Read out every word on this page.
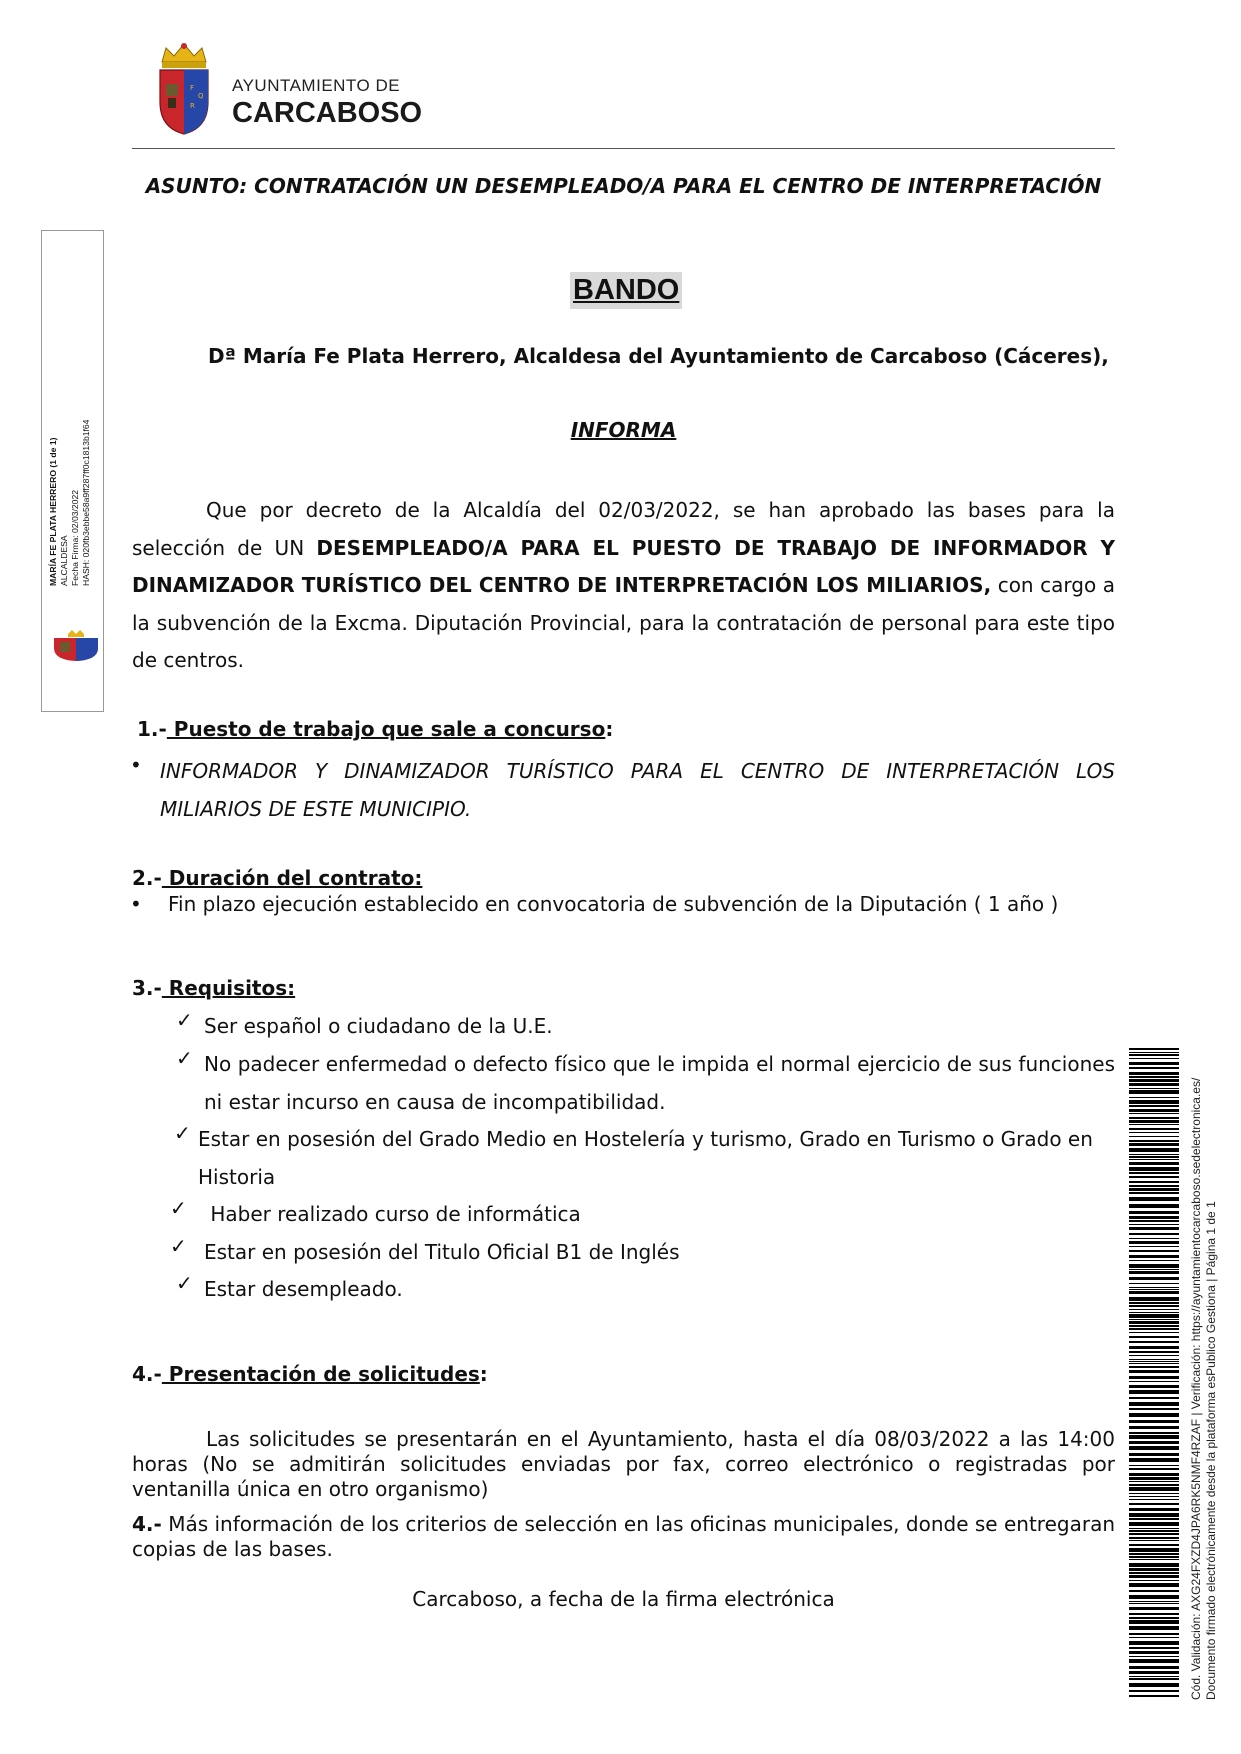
F
Q
R
AYUNTAMIENTO DE
CARCABOSO
ASUNTO: CONTRATACIÓN UN DESEMPLEADO/A PARA EL CENTRO DE INTERPRETACIÓN
BANDO
Dª María Fe Plata Herrero, Alcaldesa del Ayuntamiento de Carcaboso (Cáceres),
INFORMA
Que por decreto de la Alcaldía del 02/03/2022, se han aprobado las bases para la selección de UN DESEMPLEADO/A PARA EL PUESTO DE TRABAJO DE INFORMADOR Y DINAMIZADOR TURÍSTICO DEL CENTRO DE INTERPRETACIÓN LOS MILIARIOS, con cargo a la subvención de la Excma. Diputación Provincial, para la contratación de personal para este tipo de centros.
1.- Puesto de trabajo que sale a concurso:
• INFORMADOR Y DINAMIZADOR TURÍSTICO PARA EL CENTRO DE INTERPRETACIÓN LOS MILIARIOS DE ESTE MUNICIPIO.
2.- Duración del contrato:
• Fin plazo ejecución establecido en convocatoria de subvención de la Diputación ( 1 año )
3.- Requisitos:
✓ Ser español o ciudadano de la U.E.
✓ No padecer enfermedad o defecto físico que le impida el normal ejercicio de sus funciones ni estar incurso en causa de incompatibilidad.
✓ Estar en posesión del Grado Medio en Hostelería y turismo, Grado en Turismo o Grado en Historia
✓ Haber realizado curso de informática
✓ Estar en posesión del Titulo Oficial B1 de Inglés
✓ Estar desempleado.
4.- Presentación de solicitudes:
Las solicitudes se presentarán en el Ayuntamiento, hasta el día 08/03/2022 a las 14:00 horas (No se admitirán solicitudes enviadas por fax, correo electrónico o registradas por ventanilla única en otro organismo)
4.- Más información de los criterios de selección en las oficinas municipales, donde se entregaran copias de las bases.
Carcaboso, a fecha de la firma electrónica
MARÍA FE PLATA HERRERO (1 de 1) ALCALDESA Fecha Firma: 02/03/2022 HASH: 020fb3ebbe58a9ff287ff0c1813b1f64
Cód. Validación: AXG24FXZD4JPA6RK5NMF4RZAF | Verificación: https://ayuntamientocarcaboso.sedelectronica.es/ Documento firmado electrónicamente desde la plataforma esPublico Gestiona | Página 1 de 1
